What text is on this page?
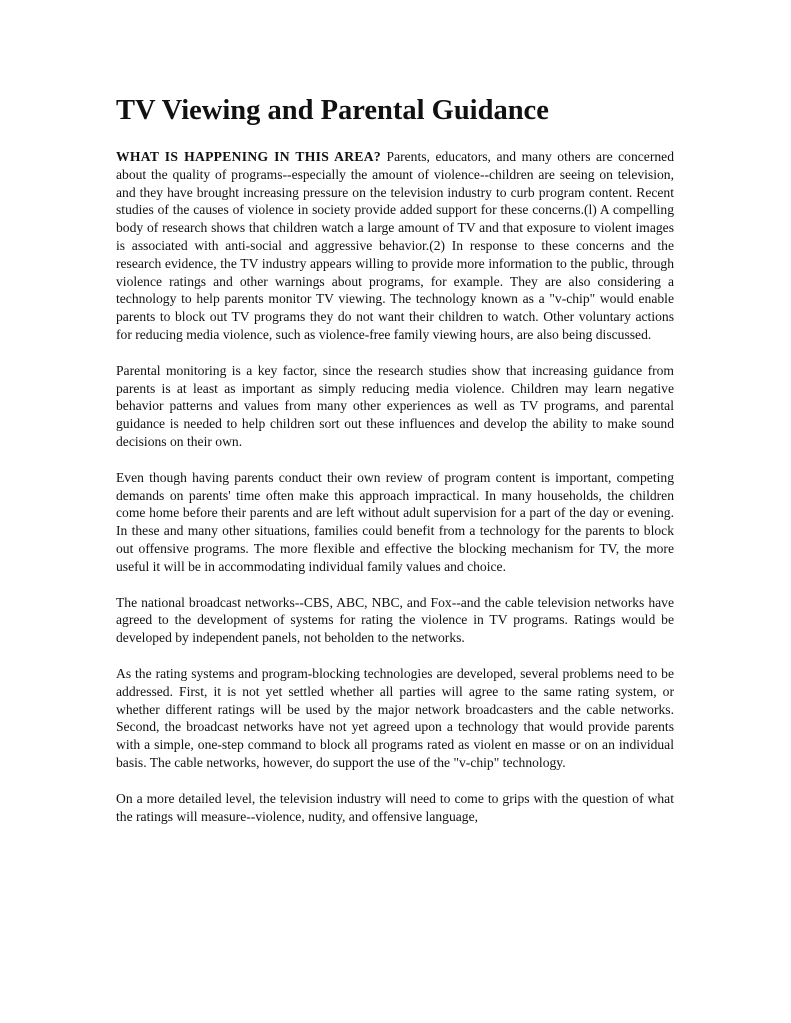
TV Viewing and Parental Guidance

WHAT IS HAPPENING IN THIS AREA? Parents, educators, and many others are concerned about the quality of programs--especially the amount of violence--children are seeing on television, and they have brought increasing pressure on the television industry to curb program content. Recent studies of the causes of violence in society provide added support for these concerns.(l) A compelling body of research shows that children watch a large amount of TV and that exposure to violent images is associated with anti-social and aggressive behavior.(2) In response to these concerns and the research evidence, the TV industry appears willing to provide more information to the public, through violence ratings and other warnings about programs, for example. They are also considering a technology to help parents monitor TV viewing. The technology known as a "v-chip" would enable parents to block out TV programs they do not want their children to watch. Other voluntary actions for reducing media violence, such as violence-free family viewing hours, are also being discussed.

Parental monitoring is a key factor, since the research studies show that increasing guidance from parents is at least as important as simply reducing media violence. Children may learn negative behavior patterns and values from many other experiences as well as TV programs, and parental guidance is needed to help children sort out these influences and develop the ability to make sound decisions on their own.

Even though having parents conduct their own review of program content is important, competing demands on parents' time often make this approach impractical. In many households, the children come home before their parents and are left without adult supervision for a part of the day or evening. In these and many other situations, families could benefit from a technology for the parents to block out offensive programs. The more flexible and effective the blocking mechanism for TV, the more useful it will be in accommodating individual family values and choice.

The national broadcast networks--CBS, ABC, NBC, and Fox--and the cable television networks have agreed to the development of systems for rating the violence in TV programs. Ratings would be developed by independent panels, not beholden to the networks.

As the rating systems and program-blocking technologies are developed, several problems need to be addressed. First, it is not yet settled whether all parties will agree to the same rating system, or whether different ratings will be used by the major network broadcasters and the cable networks. Second, the broadcast networks have not yet agreed upon a technology that would provide parents with a simple, one-step command to block all programs rated as violent en masse or on an individual basis. The cable networks, however, do support the use of the "v-chip" technology.

On a more detailed level, the television industry will need to come to grips with the question of what the ratings will measure--violence, nudity, and offensive language,
